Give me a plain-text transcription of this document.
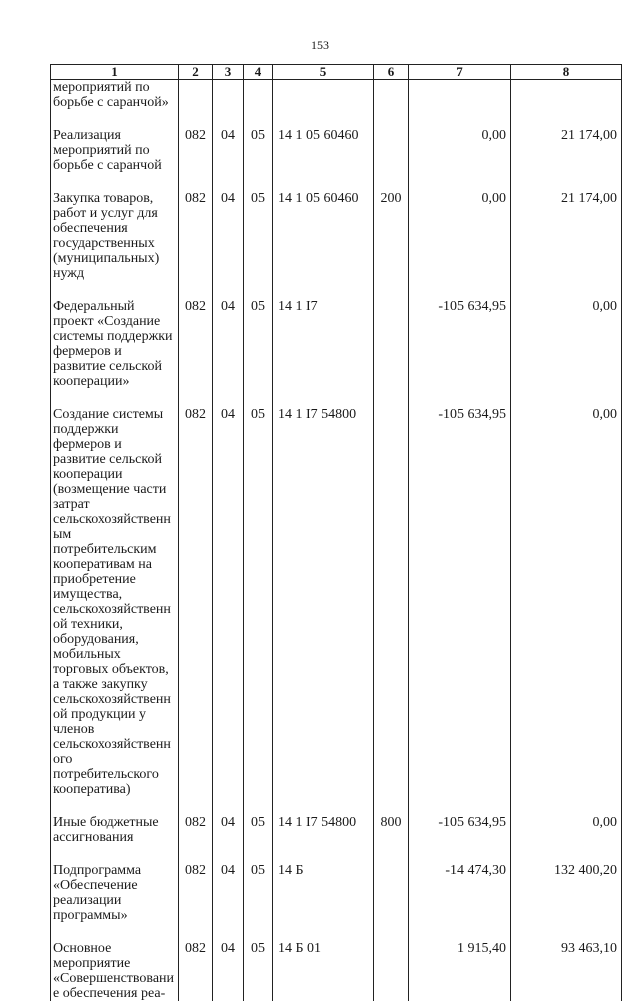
153
1	2	3	4	5	6	7	8
мероприятий по борьбе с саранчой»							

Реализация мероприятий по борьбе с саранчой	082	04	05	14 1 05 60460		0,00	21 174,00

Закупка товаров, работ и услуг для обеспечения государственных (муниципальных) нужд	082	04	05	14 1 05 60460	200	0,00	21 174,00

Федеральный проект «Создание системы поддержки фермеров и развитие сельской кооперации»	082	04	05	14 1 I7		-105 634,95	0,00

Создание системы поддержки фермеров и развитие сельской кооперации (возмещение части затрат сельскохозяйственным потребительским кооперативам на приобретение имущества, сельскохозяйственной техники, оборудования, мобильных торговых объектов, а также закупку сельскохозяйственной продукции у членов сельскохозяйственного потребительского кооператива)	082	04	05	14 1 I7 54800		-105 634,95	0,00

Иные бюджетные ассигнования	082	04	05	14 1 I7 54800	800	-105 634,95	0,00

Подпрограмма «Обеспечение реализации программы»	082	04	05	14 Б		-14 474,30	132 400,20

Основное мероприятие «Совершенствование обеспечения реа-	082	04	05	14 Б 01		1 915,40	93 463,10
